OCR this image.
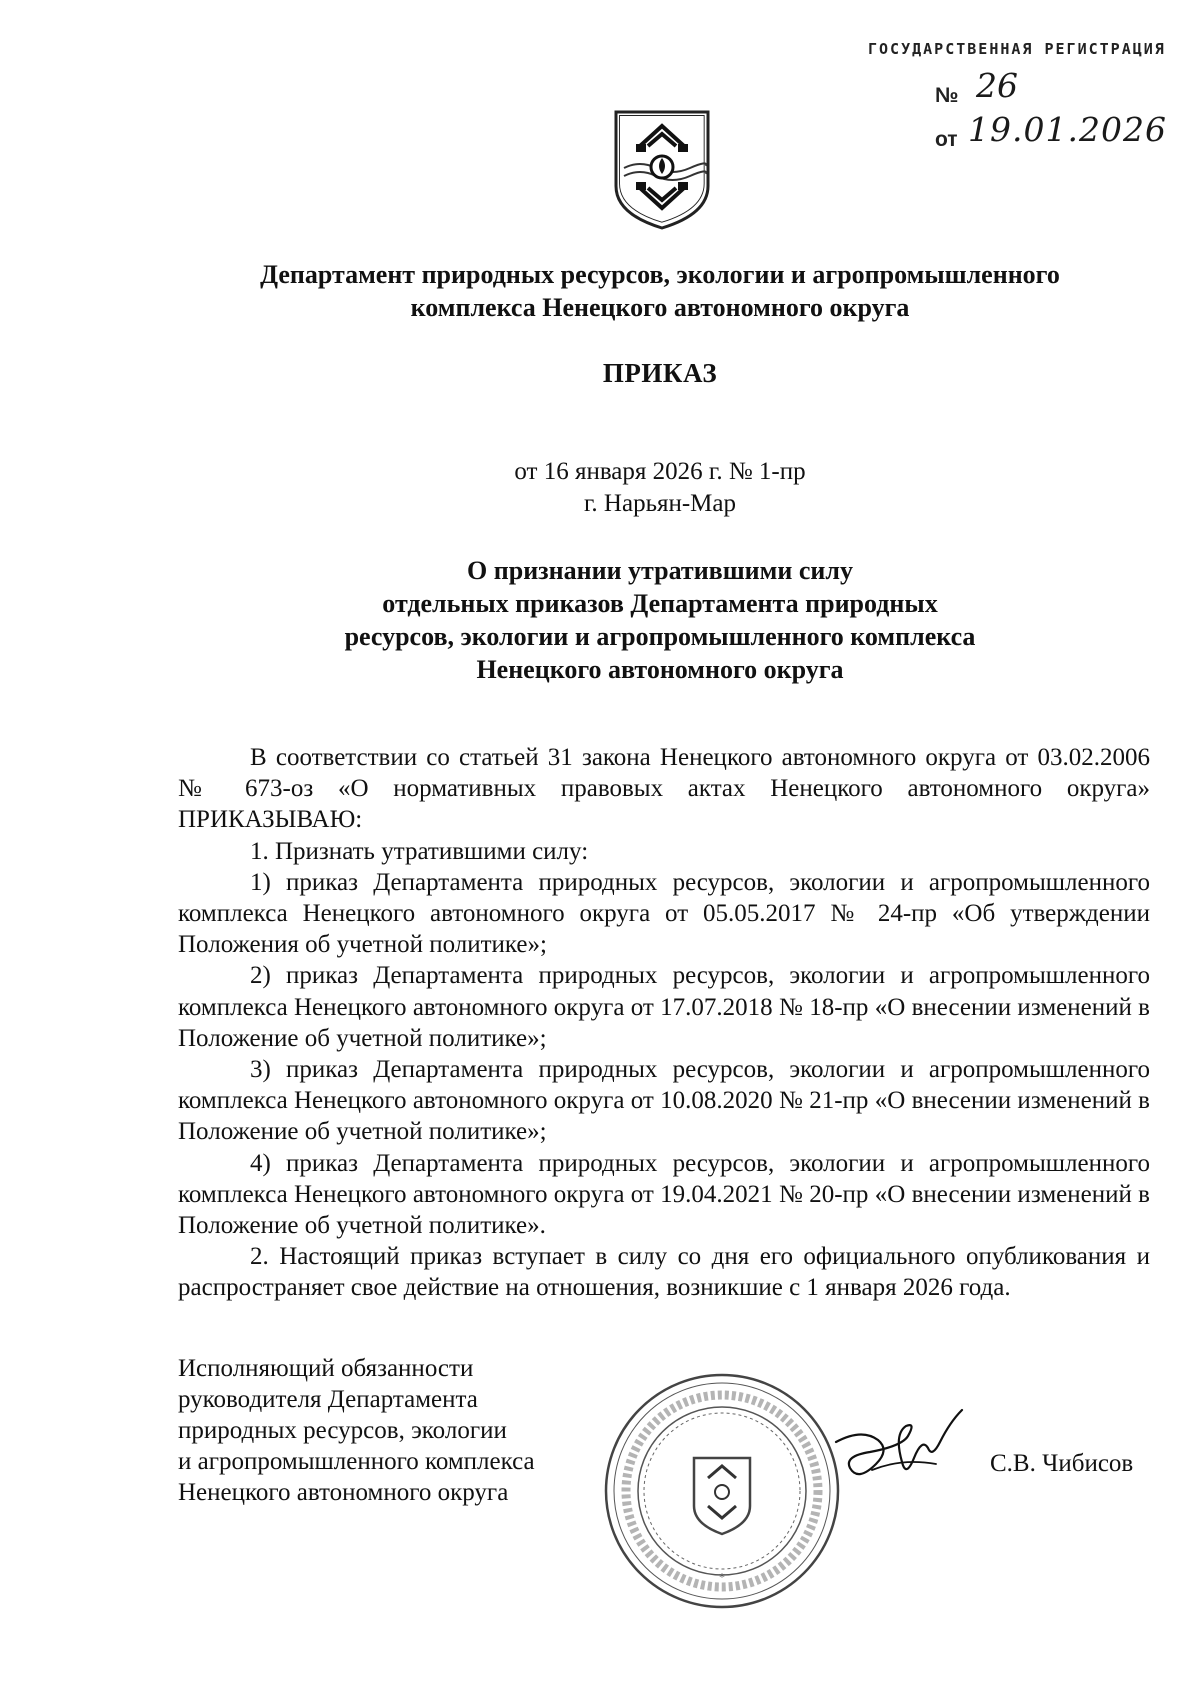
ГОСУДАРСТВЕННАЯ РЕГИСТРАЦИЯ
№ 26
от 19.01.2026
Департамент природных ресурсов, экологии и агропромышленного
комплекса Ненецкого автономного округа
ПРИКАЗ
от 16 января 2026 г. № 1-пр
г. Нарьян-Мар
О признании утратившими силу
отдельных приказов Департамента природных
ресурсов, экологии и агропромышленного комплекса
Ненецкого автономного округа

В соответствии со статьей 31 закона Ненецкого автономного округа от 03.02.2006 № 673-оз «О нормативных правовых актах Ненецкого автономного округа» ПРИКАЗЫВАЮ:

1. Признать утратившими силу:

1) приказ Департамента природных ресурсов, экологии и агропромышленного комплекса Ненецкого автономного округа от 05.05.2017 № 24-пр «Об утверждении Положения об учетной политике»;

2) приказ Департамента природных ресурсов, экологии и агропромышленного комплекса Ненецкого автономного округа от 17.07.2018 № 18-пр «О внесении изменений в Положение об учетной политике»;

3) приказ Департамента природных ресурсов, экологии и агропромышленного комплекса Ненецкого автономного округа от 10.08.2020 № 21-пр «О внесении изменений в Положение об учетной политике»;

4) приказ Департамента природных ресурсов, экологии и агропромышленного комплекса Ненецкого автономного округа от 19.04.2021 № 20-пр «О внесении изменений в Положение об учетной политике».

2. Настоящий приказ вступает в силу со дня его официального опубликования и распространяет свое действие на отношения, возникшие с 1 января 2026 года.

Исполняющий обязанности
руководителя Департамента
природных ресурсов, экологии
и агропромышленного комплекса
Ненецкого автономного округа
*
С.В. Чибисов
